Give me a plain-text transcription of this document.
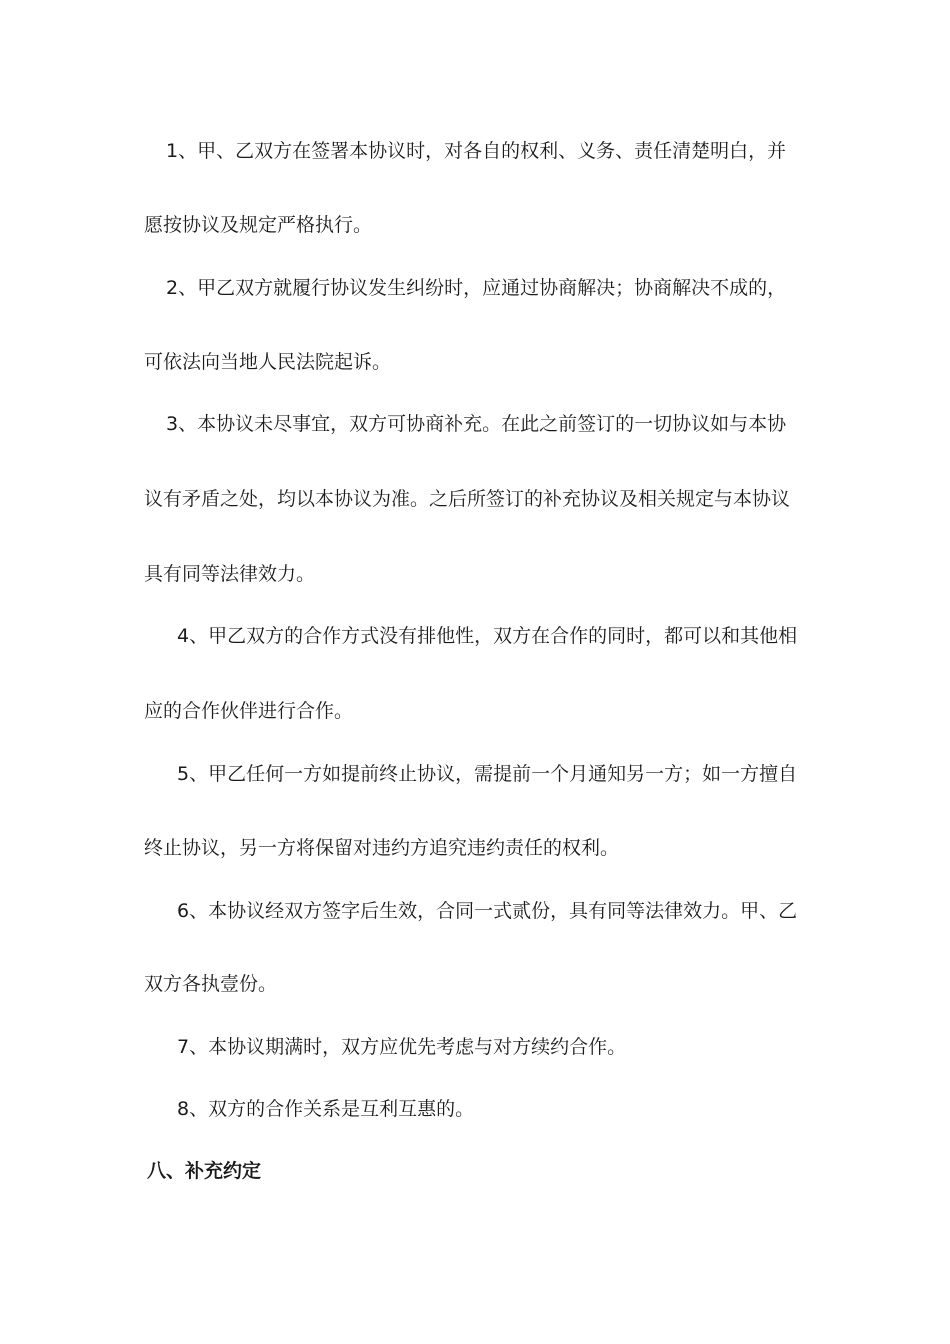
1、甲、乙双方在签署本协议时，对各自的权利、义务、责任清楚明白，并
愿按协议及规定严格执行。
2、甲乙双方就履行协议发生纠纷时，应通过协商解决；协商解决不成的，
可依法向当地人民法院起诉。
3、本协议未尽事宜，双方可协商补充。在此之前签订的一切协议如与本协
议有矛盾之处，均以本协议为准。之后所签订的补充协议及相关规定与本协议
具有同等法律效力。
4、甲乙双方的合作方式没有排他性，双方在合作的同时，都可以和其他相
应的合作伙伴进行合作。
5、甲乙任何一方如提前终止协议，需提前一个月通知另一方；如一方擅自
终止协议，另一方将保留对违约方追究违约责任的权利。
6、本协议经双方签字后生效，合同一式贰份，具有同等法律效力。甲、乙
双方各执壹份。
7、本协议期满时，双方应优先考虑与对方续约合作。
8、双方的合作关系是互利互惠的。
八、补充约定
